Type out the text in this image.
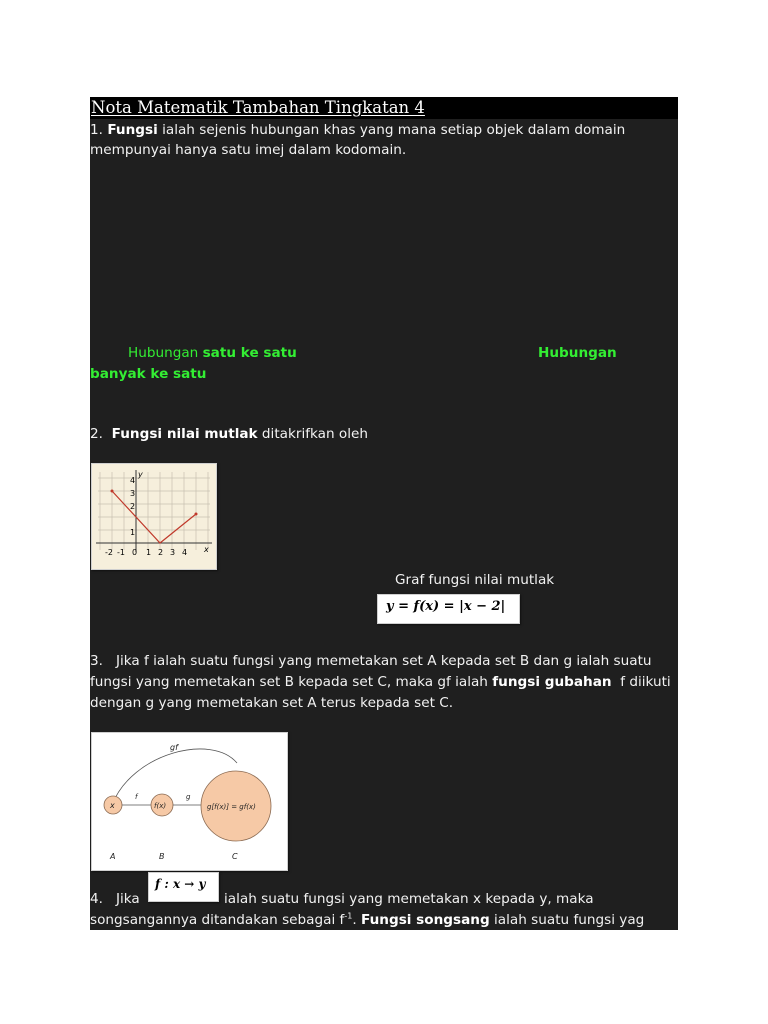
Nota Matematik Tambahan Tingkatan 4
1. Fungsi ialah sejenis hubungan khas yang mana setiap objek dalam domain
mempunyai hanya satu imej dalam kodomain.
Hubungan satu ke satu	Hubungan
banyak ke satu
2. Fungsi nilai mutlak ditakrifkan oleh
4
3
2
1
y
x
-2 -1 0 1 2 3 4
Graf fungsi nilai mutlak
y = f(x) = |x − 2|
3. Jika f ialah suatu fungsi yang memetakan set A kepada set B dan g ialah suatu
fungsi yang memetakan set B kepada set C, maka gf ialah fungsi gubahan  f diikuti
dengan g yang memetakan set A terus kepada set C.
gf
x
f
f(x)
g
g[f(x)] = gf(x)
A	B	C
4. Jika
f : x → y
ialah suatu fungsi yang memetakan x kepada y, maka
songsangannya ditandakan sebagai $f^{-1}$. Fungsi songsang ialah suatu fungsi yag
